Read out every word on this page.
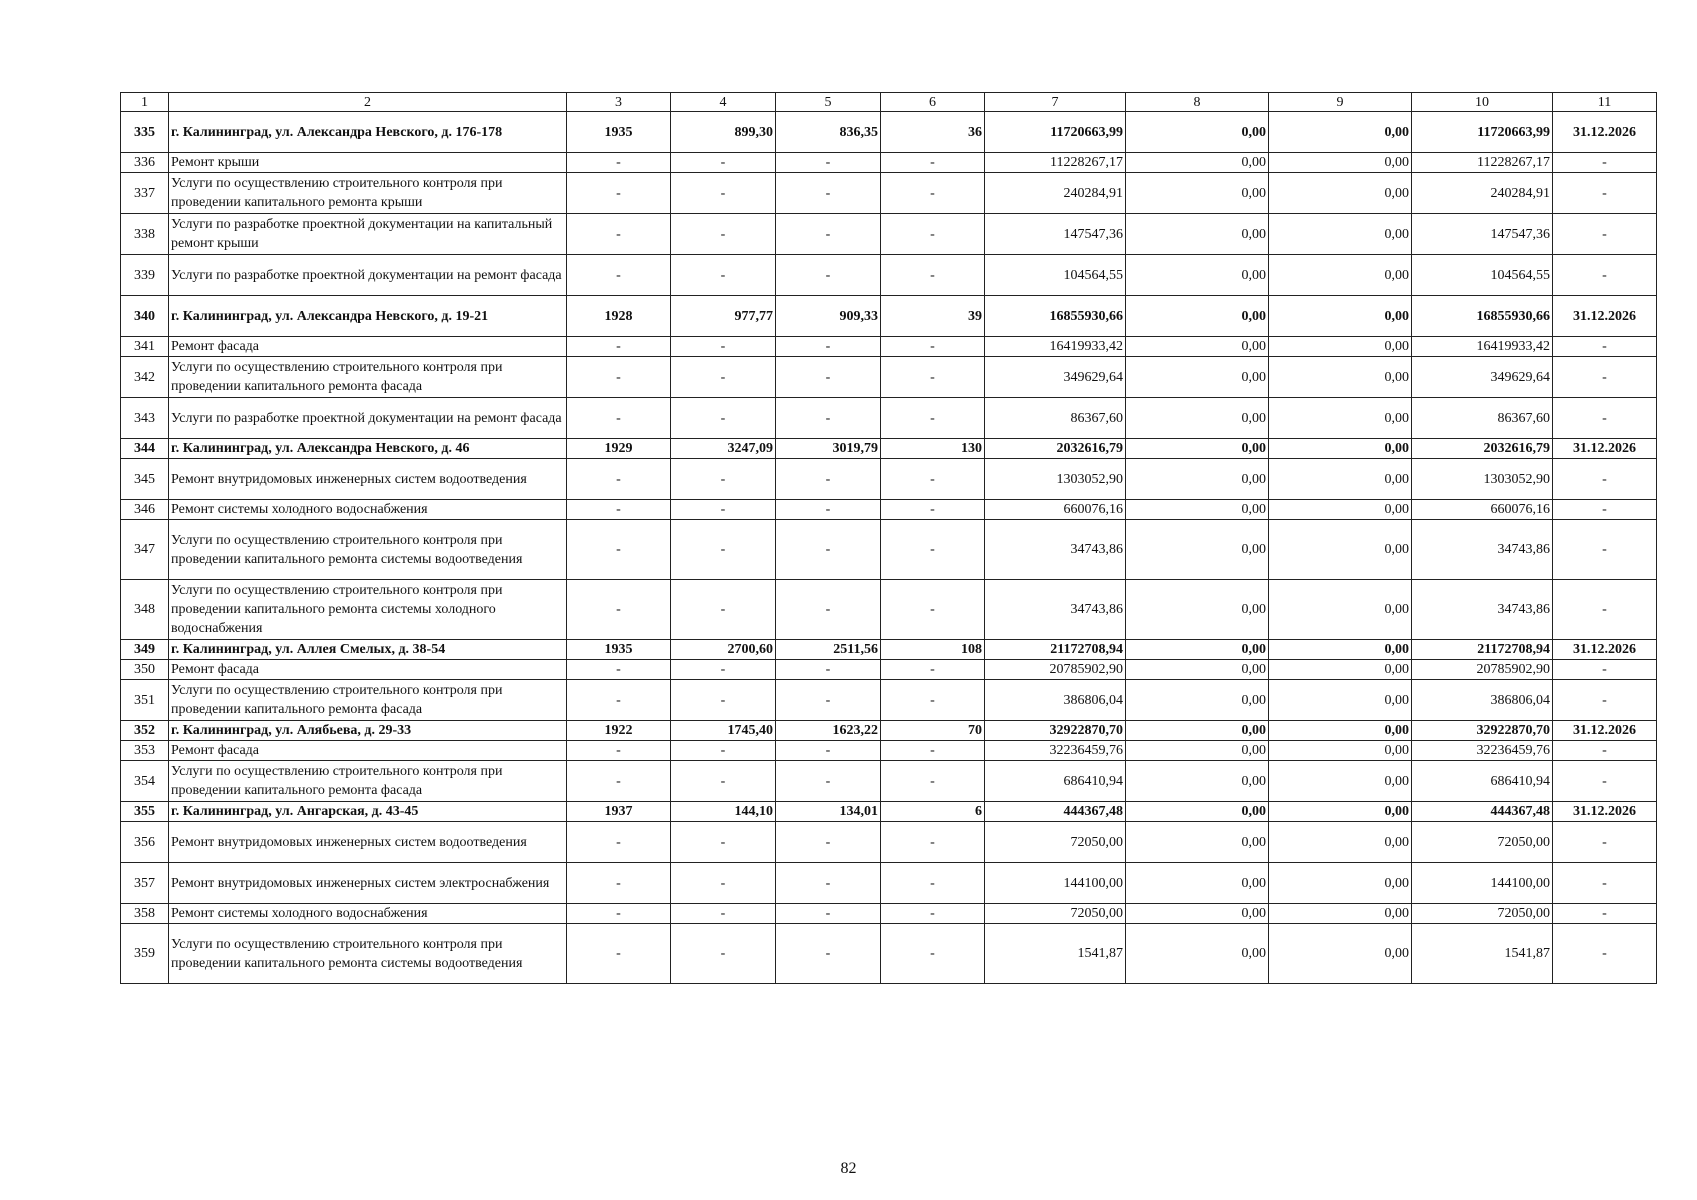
1	2	3	4	5	6	7	8	9	10	11
335	г. Калининград, ул. Александра Невского, д. 176-178	1935	899,30	836,35	36	11720663,99	0,00	0,00	11720663,99	31.12.2026
336	Ремонт крыши	-	-	-	-	11228267,17	0,00	0,00	11228267,17	-
337	Услуги по осуществлению строительного контроля при проведении капитального ремонта крыши	-	-	-	-	240284,91	0,00	0,00	240284,91	-
338	Услуги по разработке проектной документации на капитальный ремонт крыши	-	-	-	-	147547,36	0,00	0,00	147547,36	-
339	Услуги по разработке проектной документации на ремонт фасада	-	-	-	-	104564,55	0,00	0,00	104564,55	-
340	г. Калининград, ул. Александра Невского, д. 19-21	1928	977,77	909,33	39	16855930,66	0,00	0,00	16855930,66	31.12.2026
341	Ремонт фасада	-	-	-	-	16419933,42	0,00	0,00	16419933,42	-
342	Услуги по осуществлению строительного контроля при проведении капитального ремонта фасада	-	-	-	-	349629,64	0,00	0,00	349629,64	-
343	Услуги по разработке проектной документации на ремонт фасада	-	-	-	-	86367,60	0,00	0,00	86367,60	-
344	г. Калининград, ул. Александра Невского, д. 46	1929	3247,09	3019,79	130	2032616,79	0,00	0,00	2032616,79	31.12.2026
345	Ремонт внутридомовых инженерных систем водоотведения	-	-	-	-	1303052,90	0,00	0,00	1303052,90	-
346	Ремонт системы холодного водоснабжения	-	-	-	-	660076,16	0,00	0,00	660076,16	-
347	Услуги по осуществлению строительного контроля при проведении капитального ремонта системы водоотведения	-	-	-	-	34743,86	0,00	0,00	34743,86	-
348	Услуги по осуществлению строительного контроля при проведении капитального ремонта системы холодного водоснабжения	-	-	-	-	34743,86	0,00	0,00	34743,86	-
349	г. Калининград, ул. Аллея Смелых, д. 38-54	1935	2700,60	2511,56	108	21172708,94	0,00	0,00	21172708,94	31.12.2026
350	Ремонт фасада	-	-	-	-	20785902,90	0,00	0,00	20785902,90	-
351	Услуги по осуществлению строительного контроля при проведении капитального ремонта фасада	-	-	-	-	386806,04	0,00	0,00	386806,04	-
352	г. Калининград, ул. Алябьева, д. 29-33	1922	1745,40	1623,22	70	32922870,70	0,00	0,00	32922870,70	31.12.2026
353	Ремонт фасада	-	-	-	-	32236459,76	0,00	0,00	32236459,76	-
354	Услуги по осуществлению строительного контроля при проведении капитального ремонта фасада	-	-	-	-	686410,94	0,00	0,00	686410,94	-
355	г. Калининград, ул. Ангарская, д. 43-45	1937	144,10	134,01	6	444367,48	0,00	0,00	444367,48	31.12.2026
356	Ремонт внутридомовых инженерных систем водоотведения	-	-	-	-	72050,00	0,00	0,00	72050,00	-
357	Ремонт внутридомовых инженерных систем электроснабжения	-	-	-	-	144100,00	0,00	0,00	144100,00	-
358	Ремонт системы холодного водоснабжения	-	-	-	-	72050,00	0,00	0,00	72050,00	-
359	Услуги по осуществлению строительного контроля при проведении капитального ремонта системы водоотведения	-	-	-	-	1541,87	0,00	0,00	1541,87	-
82
